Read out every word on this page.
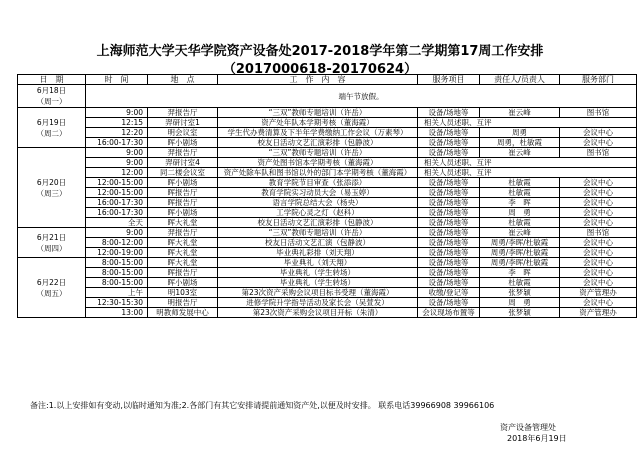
上海师范大学天华学院资产设备处2017-2018学年第二学期第17周工作安排
（2017000618-20170624）
日　期	时　间	地　点	工　作　内　容	服务项目	责任人/员责人	服务部门

6月18日
（周一）	端午节放假。					

6月19日
（周二）	9:00	羿报告厅	“三双”教师专题培训（许岳）	设备/场地等	崔云峰	图书馆
	12:15	羿研讨室1	资产处年队本学期考核（董海霞）	相关人员述职、互评		
	12:20	明会议室	学生代办费清算及下半年学费缴纳工作会议（万素琴）	设备/场地等	周勇	会议中心
	16:00-17:30	晖小剧场	校友日活动文艺汇演彩排（包静波）	设备/场地等	周勇，杜敏霞	会议中心

6月20日
（周三）	9:00	羿报告厅	“三双”教师专题培训（许岳）	设备/场地等	崔云峰	图书馆
	9:00	羿研讨室4	资产处图书馆本学期考核（董海霞）	相关人员述职、互评		
	12:00	同二楼会议室	资产处除车队和图书馆以外的部门本学期考核（董海霞）	相关人员述职、互评		
	12:00-15:00	晖小剧场	教育学院节目审查（张添添）	设备/场地等	杜敏霞	会议中心
	12:00-15:00	晖报告厅	教育学院实习动员大会（易玉婷）	设备/场地等	杜敏霞	会议中心
	16:00-17:30	晖报告厅	语言学院总结大会（杨央）	设备/场地等	李　晖	会议中心
	16:00-17:30	晖小剧场	工学院心灵之灯（赵科）	设备/场地等	周　勇	会议中心
	全天	晖大礼堂	校友日活动文艺汇演彩排（包静波）	设备/场地等	杜敏霞	会议中心

6月21日
（周四）	9:00	羿报告厅	“三双”教师专题培训（许岳）	设备/场地等	崔云峰	图书馆
	8:00-12:00	晖大礼堂	校友日活动文艺汇演（包静波）	设备/场地等	周勇/李晖/杜敏霞	会议中心
	12:00-19:00	晖大礼堂	毕业典礼彩排（刘天翔）	设备/场地等	周勇/李晖/杜敏霞	会议中心

6月22日
（周五）	8:00-15:00	晖大礼堂	毕业典礼（刘天翔）	设备/场地等	周勇/李晖/杜敏霞	会议中心
	8:00-15:00	晖报告厅	毕业典礼（学生转场）	设备/场地等	李　晖	会议中心
	8:00-15:00	晖小剧场	毕业典礼（学生转场）	设备/场地等	杜敏霞	会议中心
	上午	明103室	第23次资产采购会议项目标书受理（董海霞）	收缴/登记等	张梦颖	资产管理办
	12:30-15:30	明报告厅	进修学院升学指导活动及家长会（吴萱发）	设备/场地等	周　勇	会议中心
	13:00	明教师发展中心	第23次资产采购会议项目开标（朱清）	会议现场布置等	张梦颖	资产管理办
备注:1.以上安排如有变动,以临时通知为准;2.各部门有其它安排请提前通知资产处,以便及时安排。 联系电话39966908 39966106
资产设备管理处
2018年6月19日
